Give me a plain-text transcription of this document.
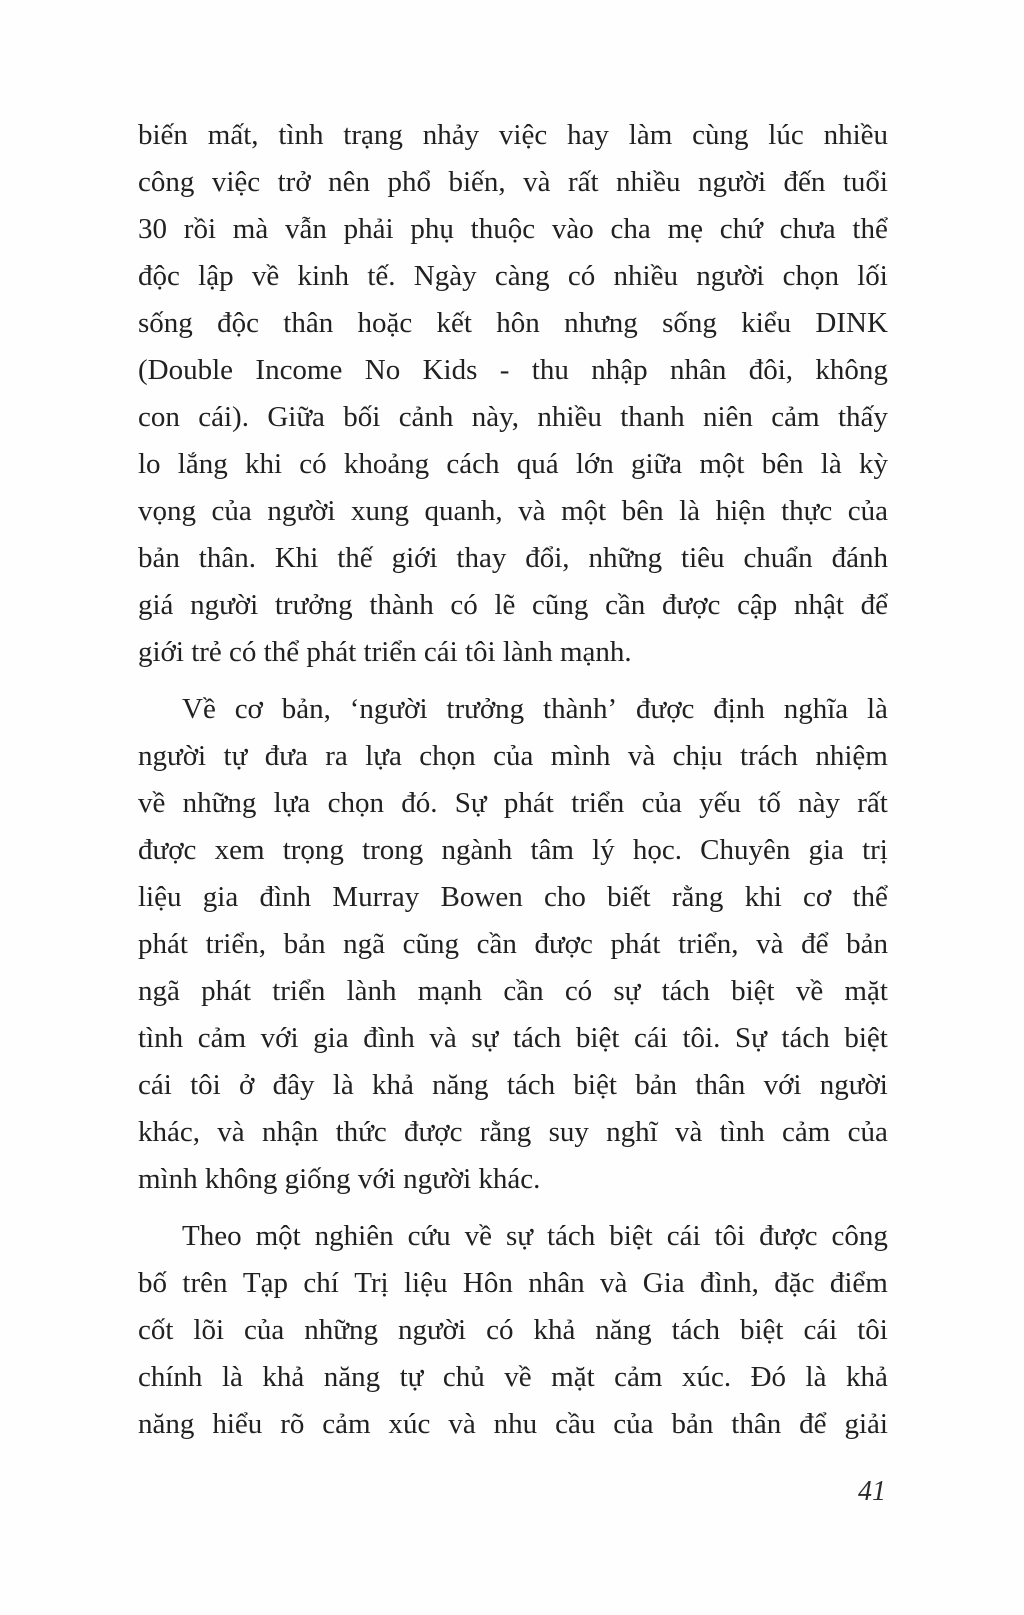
biến mất, tình trạng nhảy việc hay làm cùng lúc nhiều
công việc trở nên phổ biến, và rất nhiều người đến tuổi
30 rồi mà vẫn phải phụ thuộc vào cha mẹ chứ chưa thể
độc lập về kinh tế. Ngày càng có nhiều người chọn lối
sống độc thân hoặc kết hôn nhưng sống kiểu DINK
(Double Income No Kids - thu nhập nhân đôi, không
con cái). Giữa bối cảnh này, nhiều thanh niên cảm thấy
lo lắng khi có khoảng cách quá lớn giữa một bên là kỳ
vọng của người xung quanh, và một bên là hiện thực của
bản thân. Khi thế giới thay đổi, những tiêu chuẩn đánh
giá người trưởng thành có lẽ cũng cần được cập nhật để
giới trẻ có thể phát triển cái tôi lành mạnh.
Về cơ bản, ‘người trưởng thành’ được định nghĩa là
người tự đưa ra lựa chọn của mình và chịu trách nhiệm
về những lựa chọn đó. Sự phát triển của yếu tố này rất
được xem trọng trong ngành tâm lý học. Chuyên gia trị
liệu gia đình Murray Bowen cho biết rằng khi cơ thể
phát triển, bản ngã cũng cần được phát triển, và để bản
ngã phát triển lành mạnh cần có sự tách biệt về mặt
tình cảm với gia đình và sự tách biệt cái tôi. Sự tách biệt
cái tôi ở đây là khả năng tách biệt bản thân với người
khác, và nhận thức được rằng suy nghĩ và tình cảm của
mình không giống với người khác.
Theo một nghiên cứu về sự tách biệt cái tôi được công
bố trên Tạp chí Trị liệu Hôn nhân và Gia đình, đặc điểm
cốt lõi của những người có khả năng tách biệt cái tôi
chính là khả năng tự chủ về mặt cảm xúc. Đó là khả
năng hiểu rõ cảm xúc và nhu cầu của bản thân để giải
41
